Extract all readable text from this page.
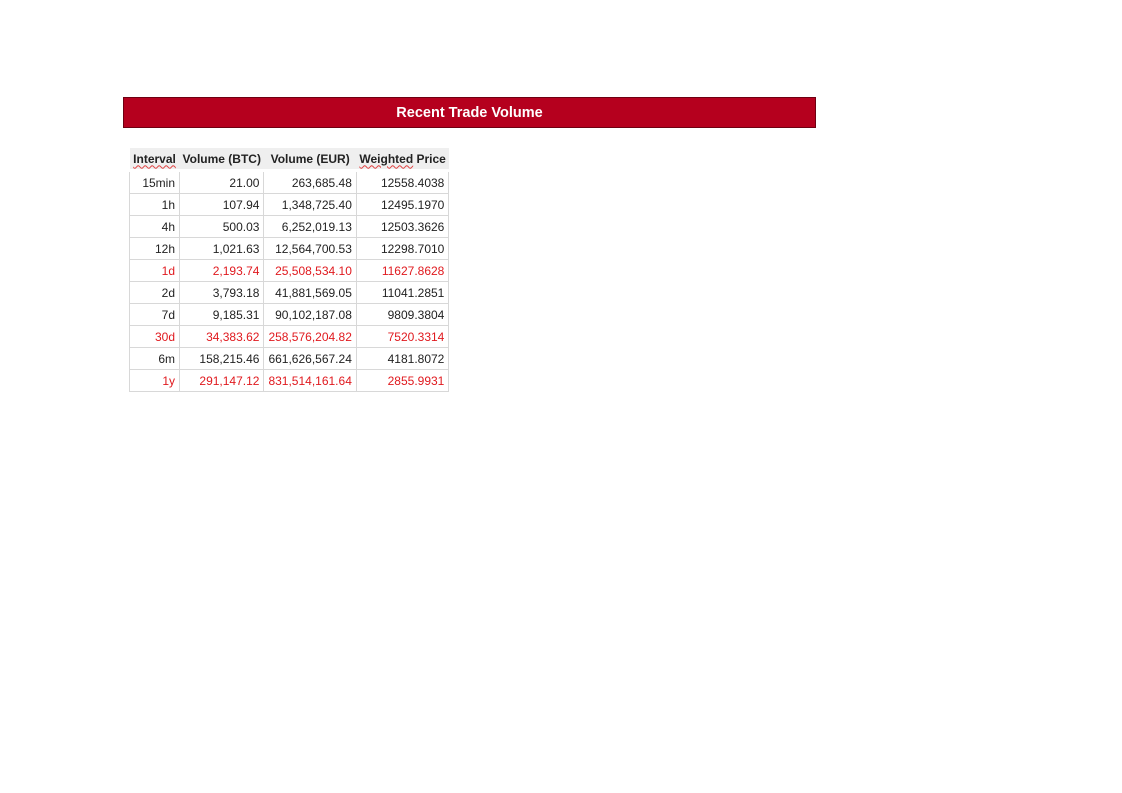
Recent Trade Volume
Interval	Volume (BTC)	Volume (EUR)	Weighted Price
15min	21.00	263,685.48	12558.4038
1h	107.94	1,348,725.40	12495.1970
4h	500.03	6,252,019.13	12503.3626
12h	1,021.63	12,564,700.53	12298.7010
1d	2,193.74	25,508,534.10	11627.8628
2d	3,793.18	41,881,569.05	11041.2851
7d	9,185.31	90,102,187.08	9809.3804
30d	34,383.62	258,576,204.82	7520.3314
6m	158,215.46	661,626,567.24	4181.8072
1y	291,147.12	831,514,161.64	2855.9931
